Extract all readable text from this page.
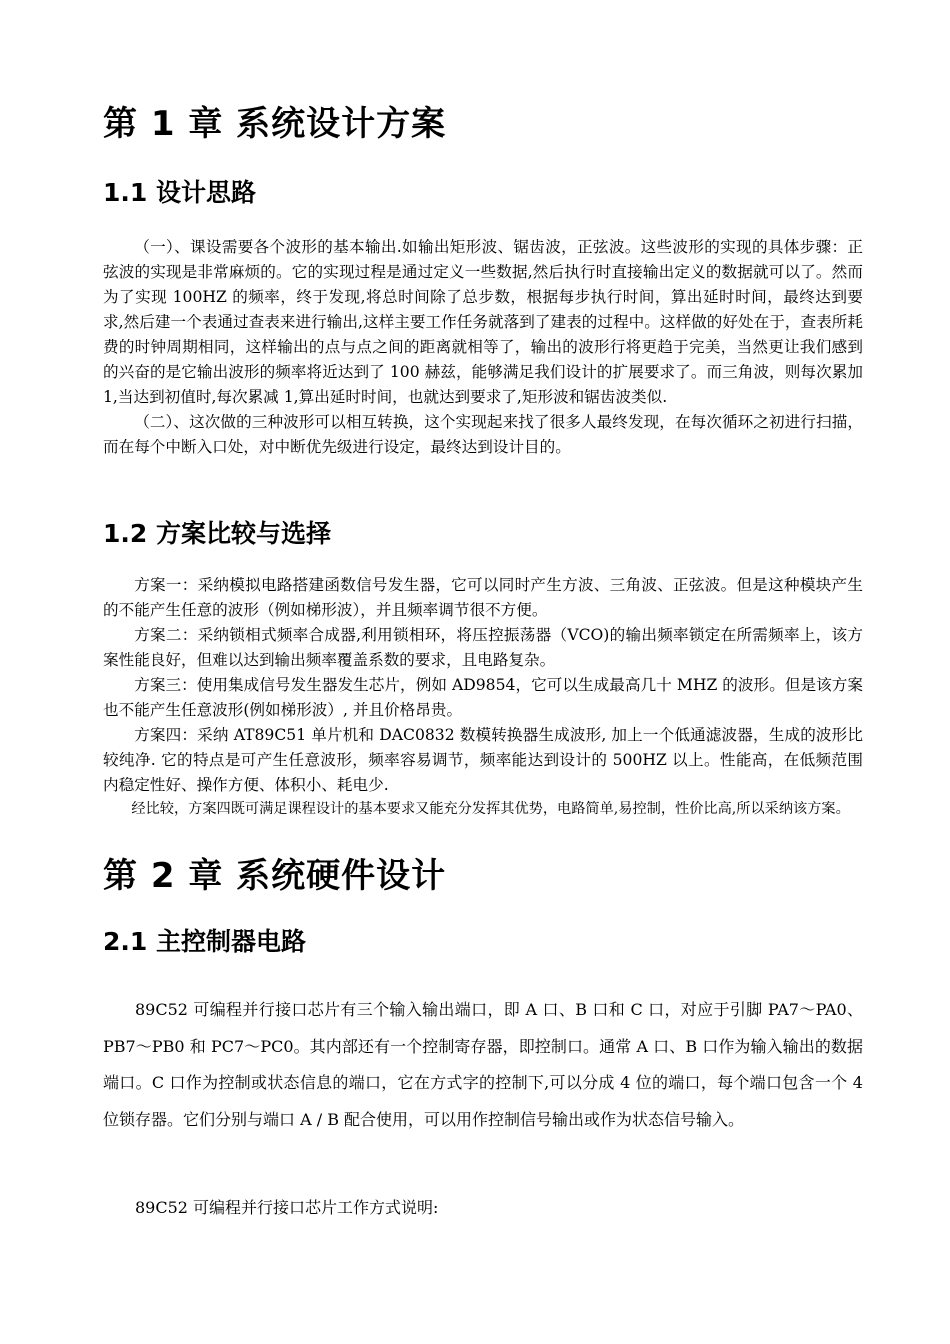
第 1 章 系统设计方案
1.1 设计思路

（一）、课设需要各个波形的基本输出.如输出矩形波、锯齿波，正弦波。这些波形的实现的具体步骤：正弦波的实现是非常麻烦的。它的实现过程是通过定义一些数据,然后执行时直接输出定义的数据就可以了。然而为了实现 100HZ 的频率，终于发现,将总时间除了总步数，根据每步执行时间，算出延时时间，最终达到要求,然后建一个表通过查表来进行输出,这样主要工作任务就落到了建表的过程中。这样做的好处在于，查表所耗费的时钟周期相同，这样输出的点与点之间的距离就相等了，输出的波形行将更趋于完美，当然更让我们感到的兴奋的是它输出波形的频率将近达到了 100 赫兹，能够满足我们设计的扩展要求了。而三角波，则每次累加 1,当达到初值时,每次累减 1,算出延时时间，也就达到要求了,矩形波和锯齿波类似.

（二）、这次做的三种波形可以相互转换，这个实现起来找了很多人最终发现，在每次循环之初进行扫描，而在每个中断入口处，对中断优先级进行设定，最终达到设计目的。

1.2 方案比较与选择

方案一：采纳模拟电路搭建函数信号发生器，它可以同时产生方波、三角波、正弦波。但是这种模块产生的不能产生任意的波形（例如梯形波），并且频率调节很不方便。

方案二：采纳锁相式频率合成器,利用锁相环，将压控振荡器（VCO)的输出频率锁定在所需频率上，该方案性能良好，但难以达到输出频率覆盖系数的要求，且电路复杂。

方案三：使用集成信号发生器发生芯片，例如 AD9854，它可以生成最高几十 MHZ 的波形。但是该方案也不能产生任意波形(例如梯形波）, 并且价格昂贵。

方案四：采纳 AT89C51 单片机和 DAC0832 数模转换器生成波形, 加上一个低通滤波器，生成的波形比较纯净. 它的特点是可产生任意波形，频率容易调节，频率能达到设计的 500HZ 以上。性能高，在低频范围内稳定性好、操作方便、体积小、耗电少.

经比较，方案四既可满足课程设计的基本要求又能充分发挥其优势，电路简单,易控制，性价比高,所以采纳该方案。

第 2 章 系统硬件设计
2.1 主控制器电路

89C52 可编程并行接口芯片有三个输入输出端口，即 A 口、B 口和 C 口，对应于引脚 PA7～PA0、PB7～PB0 和 PC7～PC0。其内部还有一个控制寄存器，即控制口。通常 A 口、B 口作为输入输出的数据端口。C 口作为控制或状态信息的端口，它在方式字的控制下,可以分成 4 位的端口，每个端口包含一个 4 位锁存器。它们分别与端口 A / B 配合使用，可以用作控制信号输出或作为状态信号输入。

89C52 可编程并行接口芯片工作方式说明:
